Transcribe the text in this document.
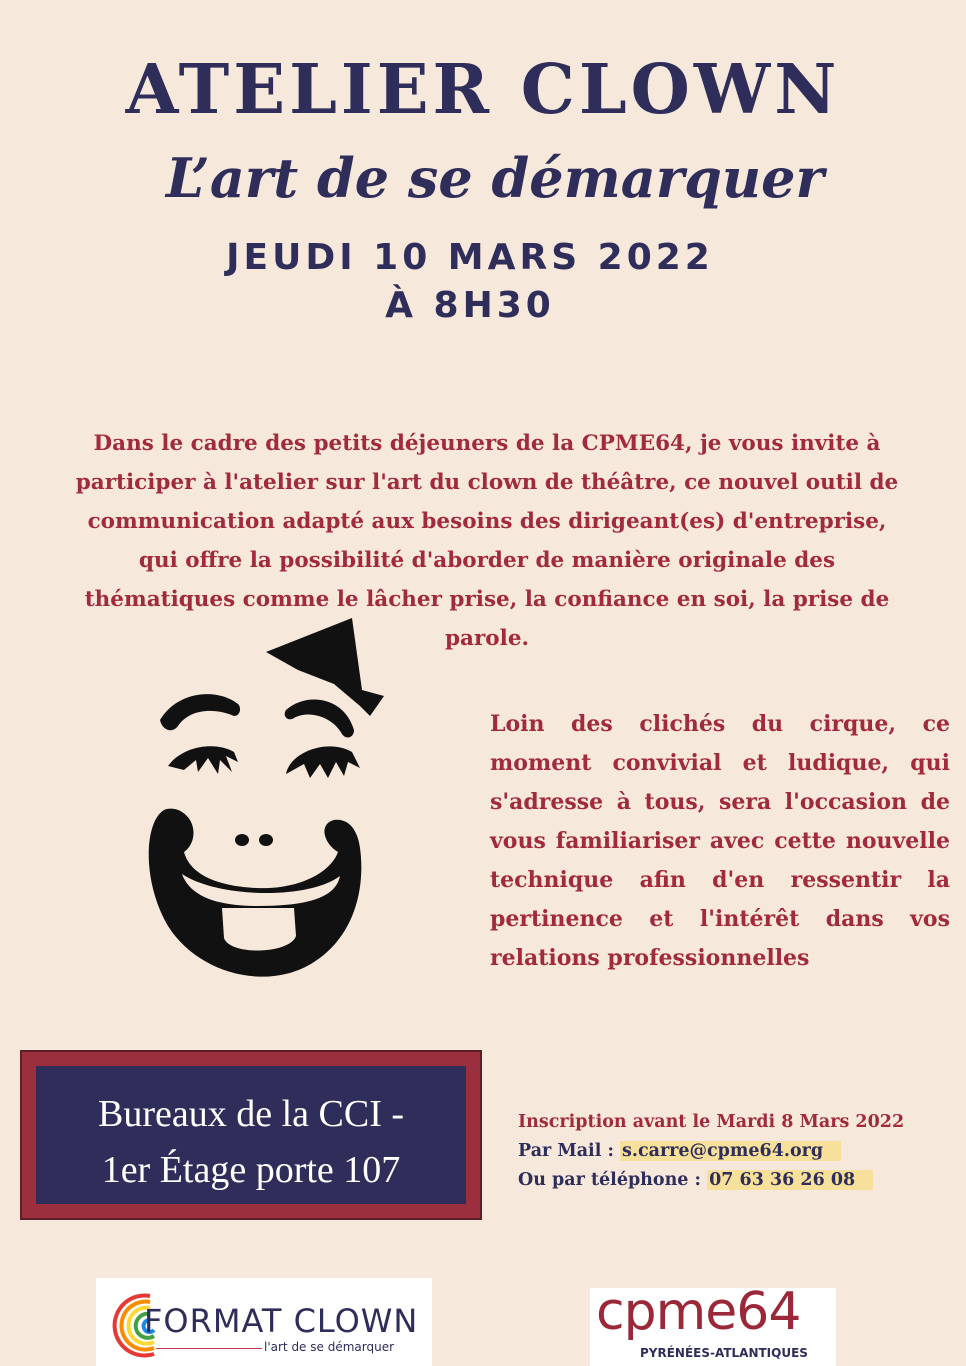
ATELIER CLOWN
L’art de se démarquer
JEUDI 10 MARS 2022
À 8H30
Dans le cadre des petits déjeuners de la CPME64, je vous invite à
participer à l'atelier sur l'art du clown de théâtre, ce nouvel outil de
communication adapté aux besoins des dirigeant(es) d'entreprise,
qui offre la possibilité d'aborder de manière originale des
thématiques comme le lâcher prise, la confiance en soi, la prise de
parole.
Loin des clichés du cirque, ce moment convivial et ludique, qui s'adresse à tous, sera l'occasion de vous familiariser avec cette nouvelle technique afin d'en ressentir la pertinence et l'intérêt dans vos relations professionnelles
Bureaux de la CCI -
1er Étage porte 107
Inscription avant le Mardi 8 Mars 2022
Par Mail : s.carre@cpme64.org
Ou par téléphone : 07 63 36 26 08
FORMAT CLOWN
l'art de se démarquer
cpme64
PYRÉNÉES-ATLANTIQUES
